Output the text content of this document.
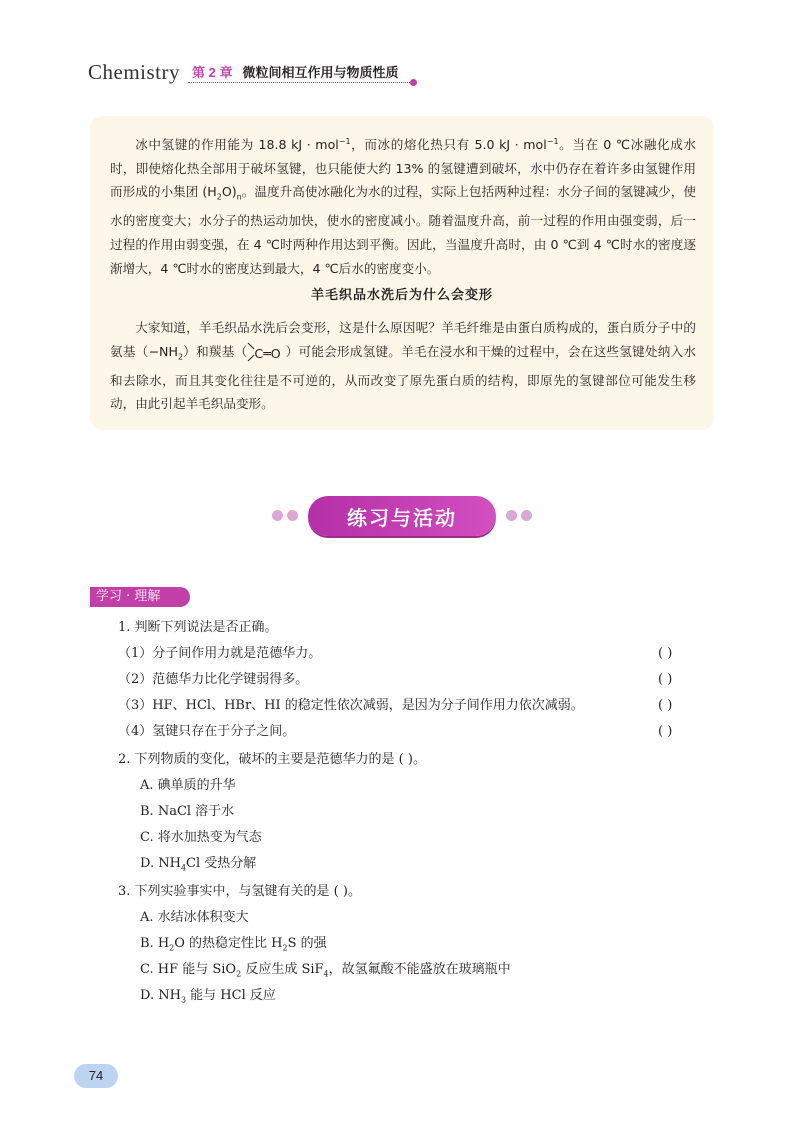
Chemistry 第 2 章 微粒间相互作用与物质性质
冰中氢键的作用能为 18.8 kJ · mol$^{-1}$，而冰的熔化热只有 5.0 kJ · mol$^{-1}$。当在 0 ℃冰融化成水时，即使熔化热全部用于破坏氢键，也只能使大约 13% 的氢键遭到破坏，水中仍存在着许多由氢键作用而形成的小集团 $(H_2O)_n$。温度升高使冰融化为水的过程，实际上包括两种过程：水分子间的氢键减少，使水的密度变大；水分子的热运动加快，使水的密度减小。随着温度升高，前一过程的作用由强变弱，后一过程的作用由弱变强，在 4 ℃时两种作用达到平衡。因此，当温度升高时，由 0 ℃到 4 ℃时水的密度逐渐增大，4 ℃时水的密度达到最大，4 ℃后水的密度变小。
羊毛织品水洗后为什么会变形
大家知道，羊毛织品水洗后会变形，这是什么原因呢？羊毛纤维是由蛋白质构成的，蛋白质分子中的氨基$(-NH_2)$和羰基（ C═O ）可能会形成氢键。羊毛在浸水和干燥的过程中，会在这些氢键处纳入水和去除水，而且其变化往往是不可逆的，从而改变了原先蛋白质的结构，即原先的氢键部位可能发生移动，由此引起羊毛织品变形。
练习与活动
学习 · 理解
1. 判断下列说法是否正确。
（1）分子间作用力就是范德华力。	( )
（2）范德华力比化学键弱得多。	( )
（3）HF、HCl、HBr、HI 的稳定性依次减弱，是因为分子间作用力依次减弱。	( )
（4）氢键只存在于分子之间。	( )
2. 下列物质的变化，破坏的主要是范德华力的是 ( )。
A. 碘单质的升华
B. NaCl 溶于水
C. 将水加热变为气态
D. $NH_4Cl$ 受热分解
3. 下列实验事实中，与氢键有关的是 ( )。
A. 水结冰体积变大
B. $H_2O$ 的热稳定性比 $H_2S$ 的强
C. HF 能与 SiO$_2$ 反应生成 SiF$_4$，故氢氟酸不能盛放在玻璃瓶中
D. $NH_3$ 能与 HCl 反应
74
